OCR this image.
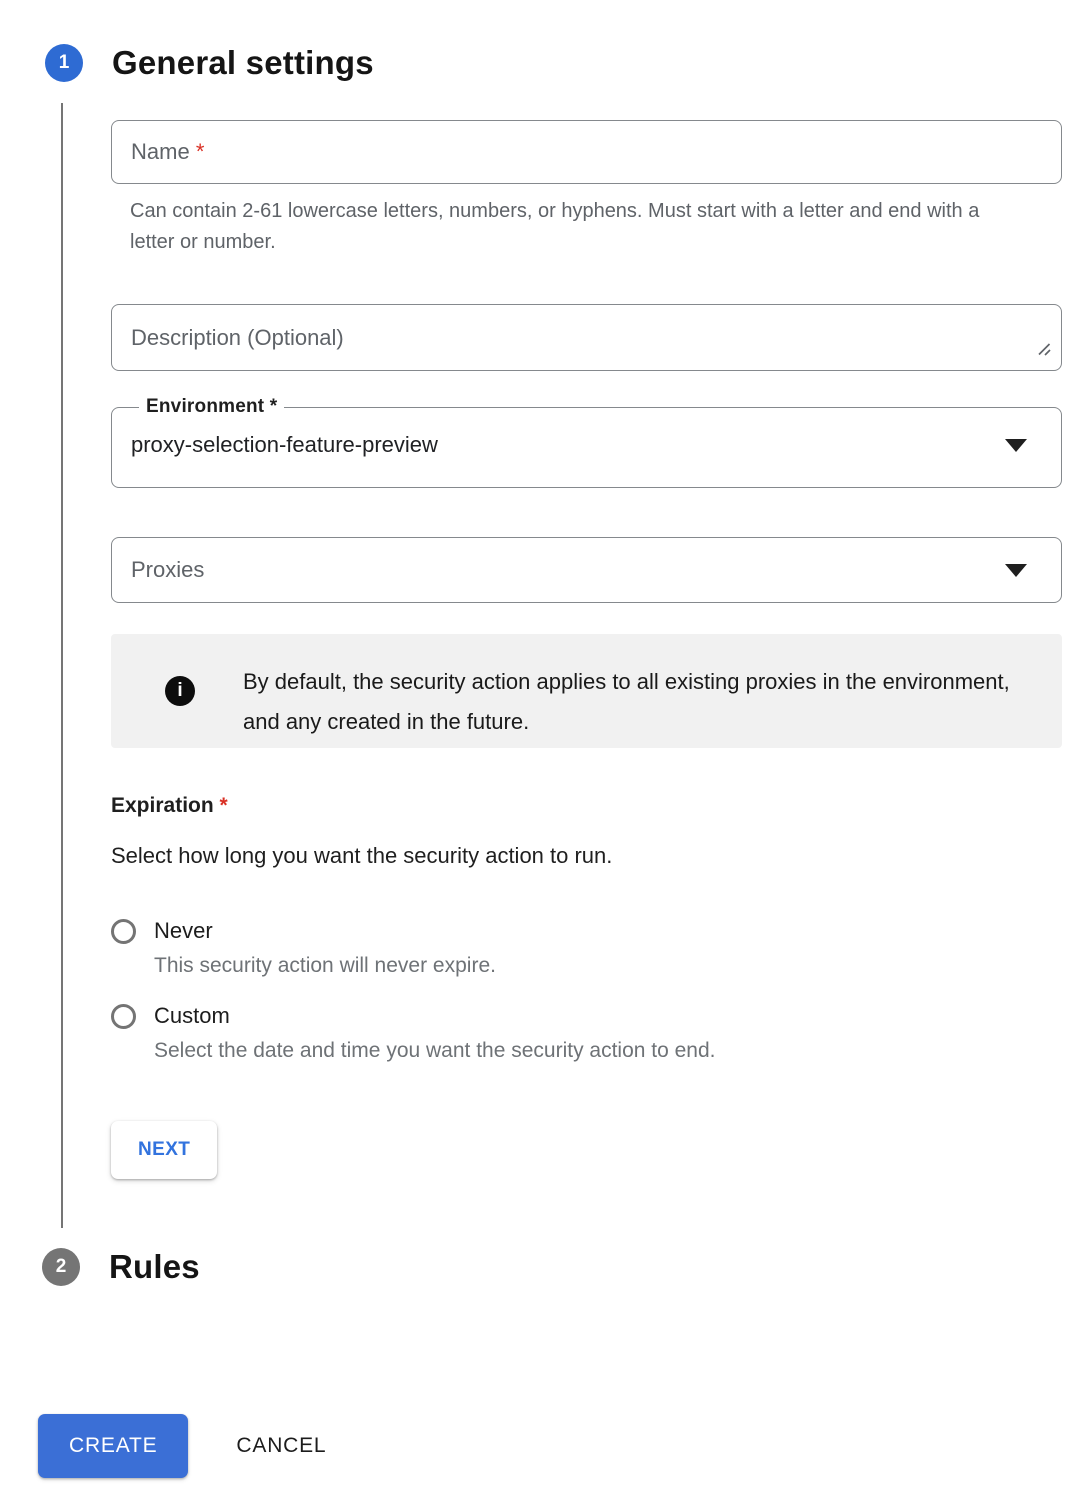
1	General settings
Name *

Can contain 2-61 lowercase letters, numbers, or hyphens. Must start with a letter and end with a letter or number.

Description (Optional)
Environment *
proxy-selection-feature-preview
Proxies
i	By default, the security action applies to all existing proxies in the environment, and any created in the future.

Expiration *

Select how long you want the security action to run.

Never
This security action will never expire.
Custom
Select the date and time you want the security action to end.
NEXT
2	Rules
CREATE	CANCEL
